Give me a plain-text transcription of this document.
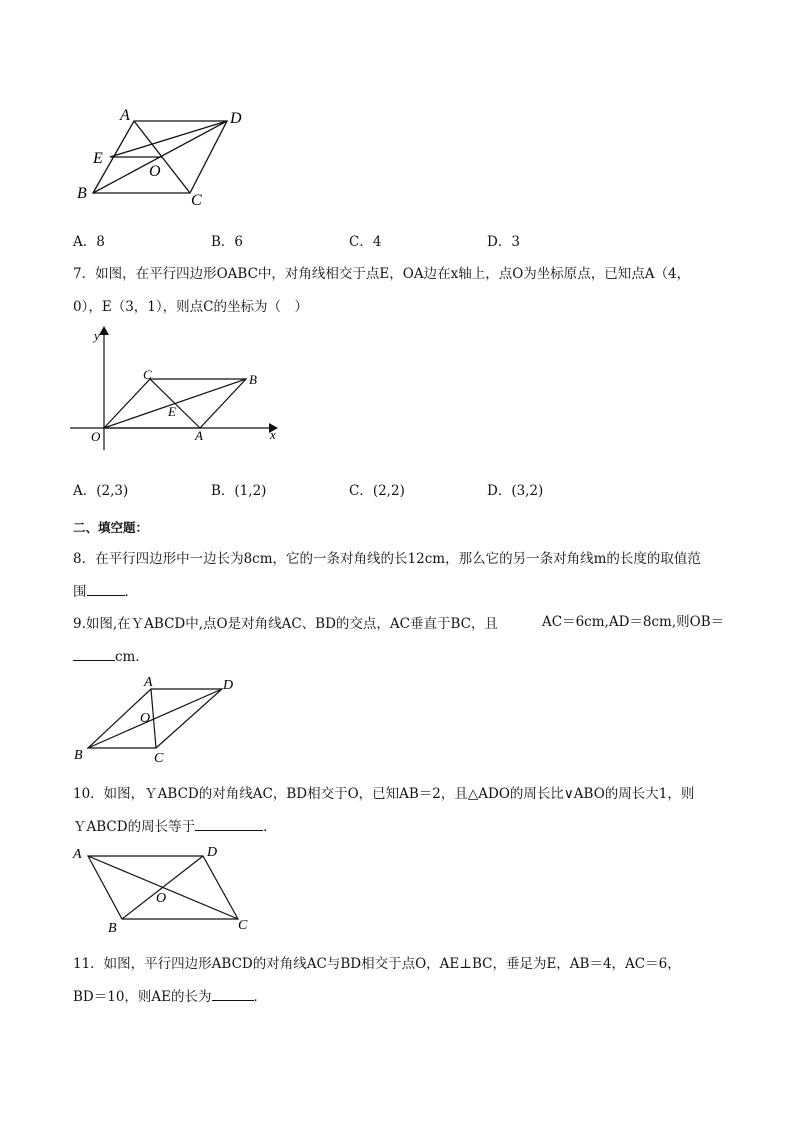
A	D
E
O
B	C
A．8	B．6	C．4	D．3
7．如图，在平行四边形OABC中，对角线相交于点E，OA边在x轴上，点O为坐标原点，已知点A（4，
0），E（3，1），则点C的坐标为（　）
y
C	B
E
O	A	x
A．(2,3)	B．(1,2)	C．(2,2)	D．(3,2)
二、填空题：
8．在平行四边形中一边长为8cm，它的一条对角线的长12cm，那么它的另一条对角线m的长度的取值范
围	．
9.如图,在ＹABCD中,点O是对角线AC、BD的交点，AC垂直于BC，且	AC＝6cm,AD＝8cm,则OB＝
cm．
A	D
O
B	C
10．如图，ＹABCD的对角线AC，BD相交于O，已知AB＝2，且△ADO的周长比∨ABO的周长大1，则
ＹABCD的周长等于	．
A	D
O
B	C
11．如图，平行四边形ABCD的对角线AC与BD相交于点O，AE⊥BC，垂足为E，AB＝4，AC＝6，
BD＝10，则AE的长为	．
